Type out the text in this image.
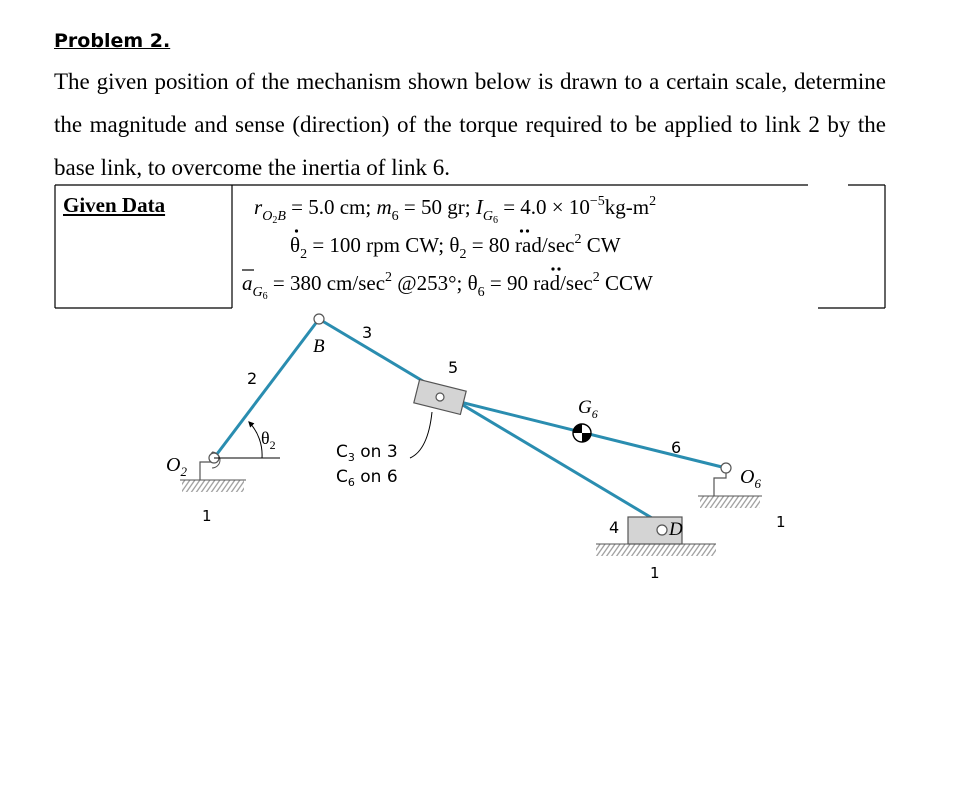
Problem 2.

The given position of the mechanism shown below is drawn to a certain scale, determine the magnitude and sense (direction) of the torque required to be applied to link 2 by the base link, to overcome the inertia of link 6.

Given Data	$r_O2B = 5.0$ cm; $m_6 = 50$ gr; $I_G6 = 4.0 \times 10^{-5}kg-m^2$
$\theta_2 = 100$ rpm CW; $\theta_2 = 80$ rad/$\sec^2$ CW
$a_G6 = 380$ $cm/\sec^2$ @253°; $\theta_6 = 90$ rad/$\sec^2$ CCW
$O_2$	$O_6$
B
D
$G_6$
$\theta_2$
1	1
1
2
3
4
5
6
$C_3$ on 3
$C_6$ on 6
